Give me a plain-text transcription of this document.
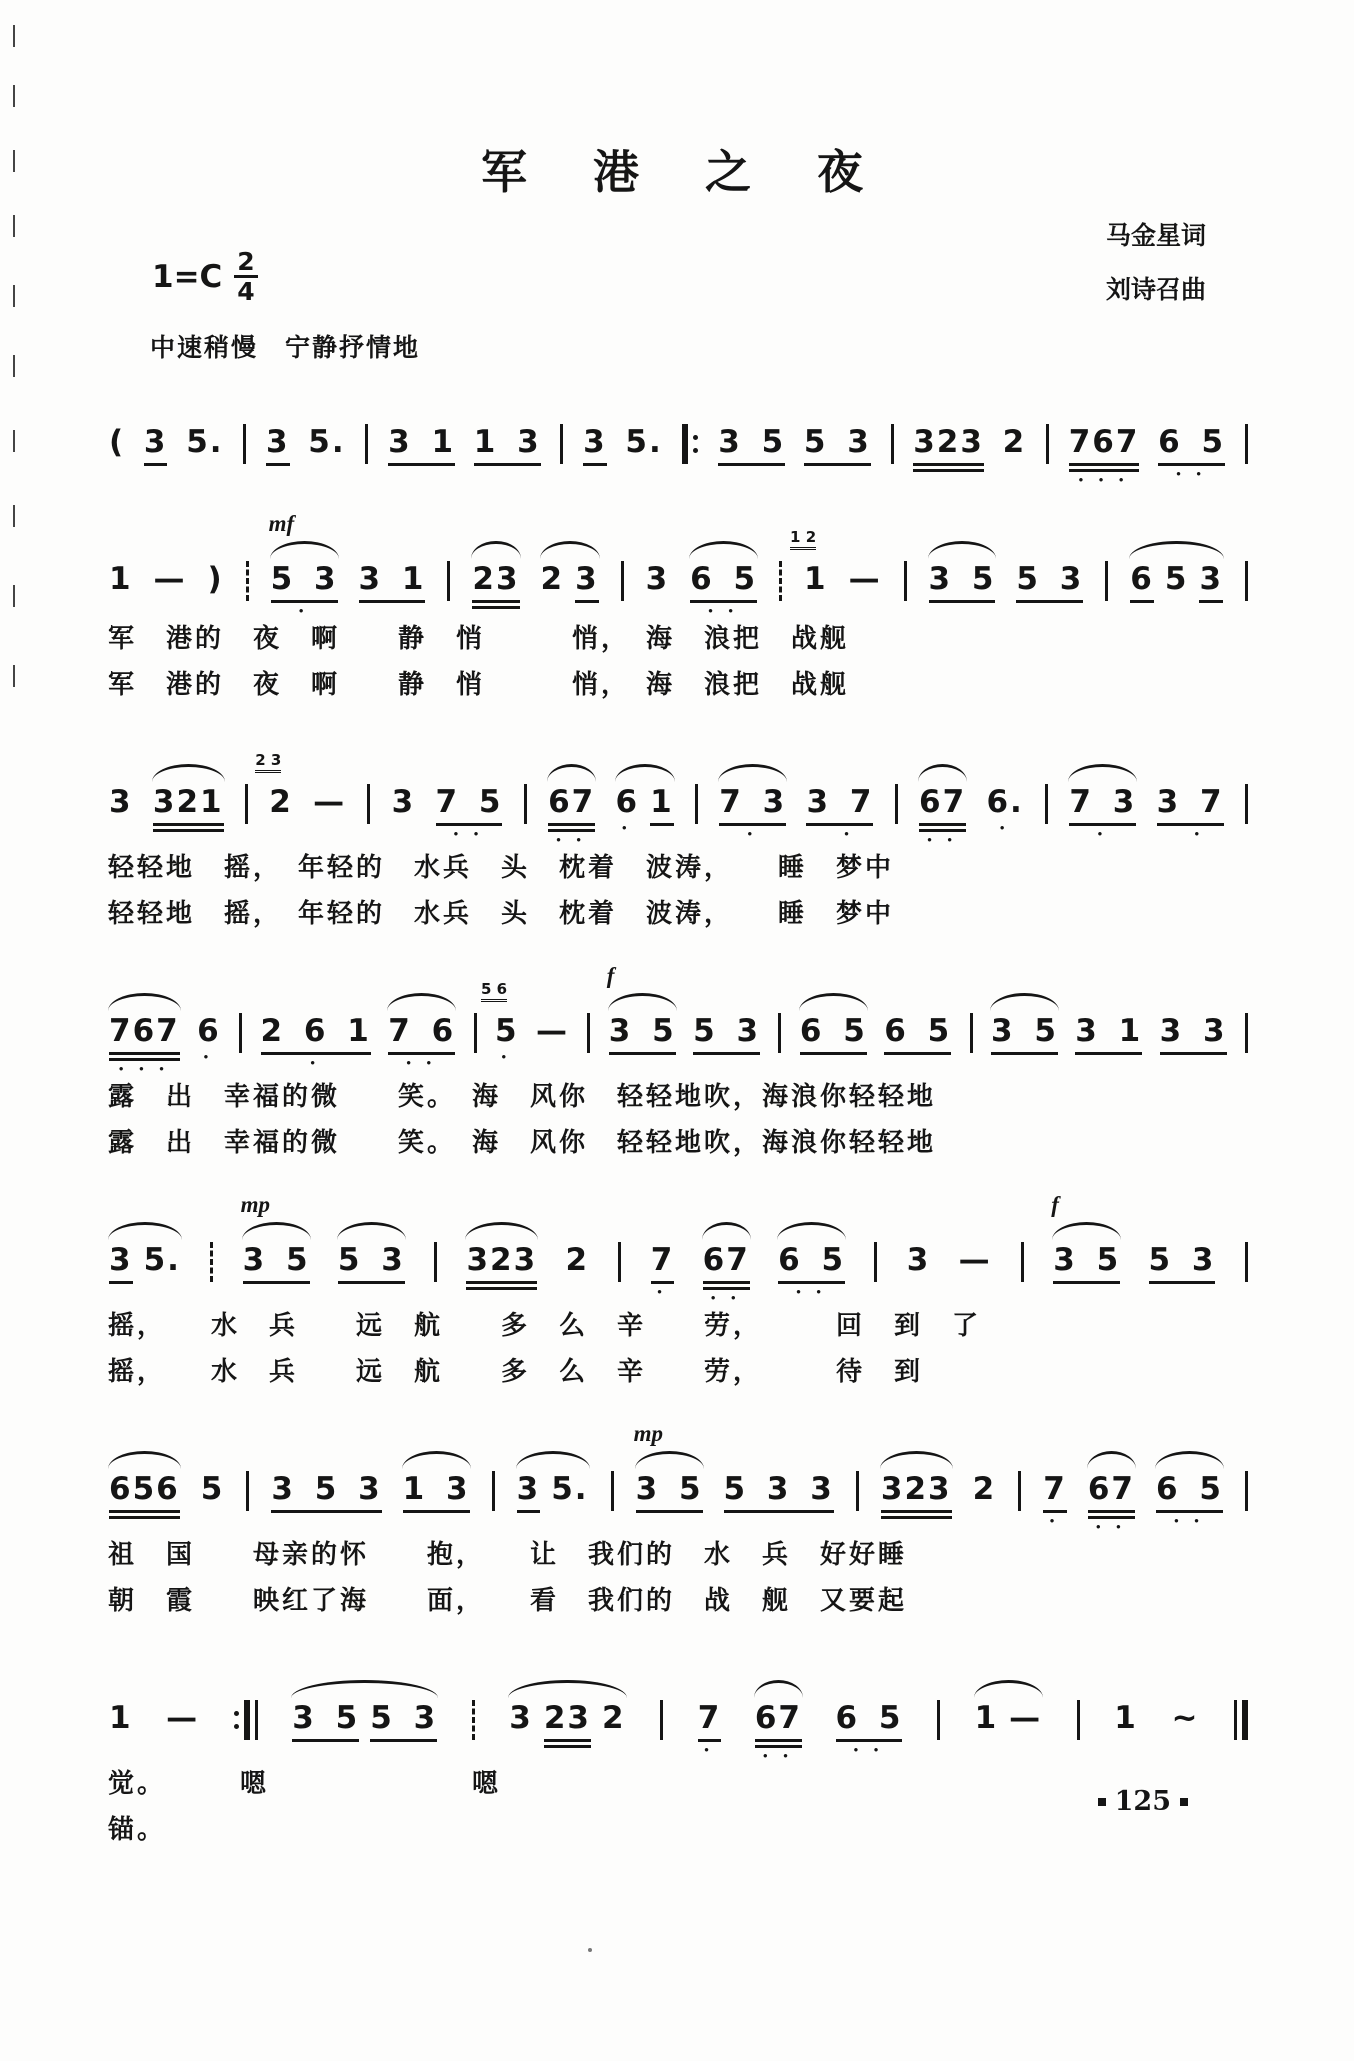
军　港　之　夜
马金星词
刘诗召曲
$1=C \frac{2}{4}$
中速稍慢　宁静抒情地
( 3 5. 3 5. 3 1 1 3 3 5. 3 5 5 3 323 2 767
• • •
6 5
• •
1 — )
mf
5 3
•
3 1 23 2 3 3 6 5
• •
1 2
1 — 3 5 5 3 6 5 3
军　港的　夜　啊　　静　悄　　　悄，　海　浪把　战舰
军　港的　夜　啊　　静　悄　　　悄，　海　浪把　战舰
3 321
2 3
2 — 3 7 5
• •
67
• •
6
•
1 7 3
•
3 7
•
67
• •
6.
•
7 3
•
3 7
•
轻轻地　摇，　年轻的　水兵　头　枕着　波涛，　　睡　梦中
轻轻地　摇，　年轻的　水兵　头　枕着　波涛，　　睡　梦中
767
• • •
6
•
2 6 1
•
7 6
• •
5 6
5
•
—
f
3 5 5 3 6 5 6 5 3 5 3 1 3 3
露　出　幸福的微　　笑。　海　风你　轻轻地吹，海浪你轻轻地
露　出　幸福的微　　笑。　海　风你　轻轻地吹，海浪你轻轻地
3 5.
mp
3 5 5 3 323 2 7
•
67
• •
6 5
• •
3 —
f
3 5 5 3
摇，　　水　兵　　远　航　　多　么　辛　　劳，　　　回　到　了
摇，　　水　兵　　远　航　　多　么　辛　　劳，　　　待　到
656 5 3 5 3 1 3 3 5.
mp
3 5 5 3 3 323 2 7
•
67
• •
6 5
• •
祖　国　　母亲的怀　　抱，　　让　我们的　水　兵　好好睡
朝　霞　　映红了海　　面，　　看　我们的　战　舰　又要起
1 —	3 5 5 3 3 23 2 7
•
67
• •
6 5
• •
1 — 1 ~
觉。　　　嗯　　　　　　　嗯
锚。
125
